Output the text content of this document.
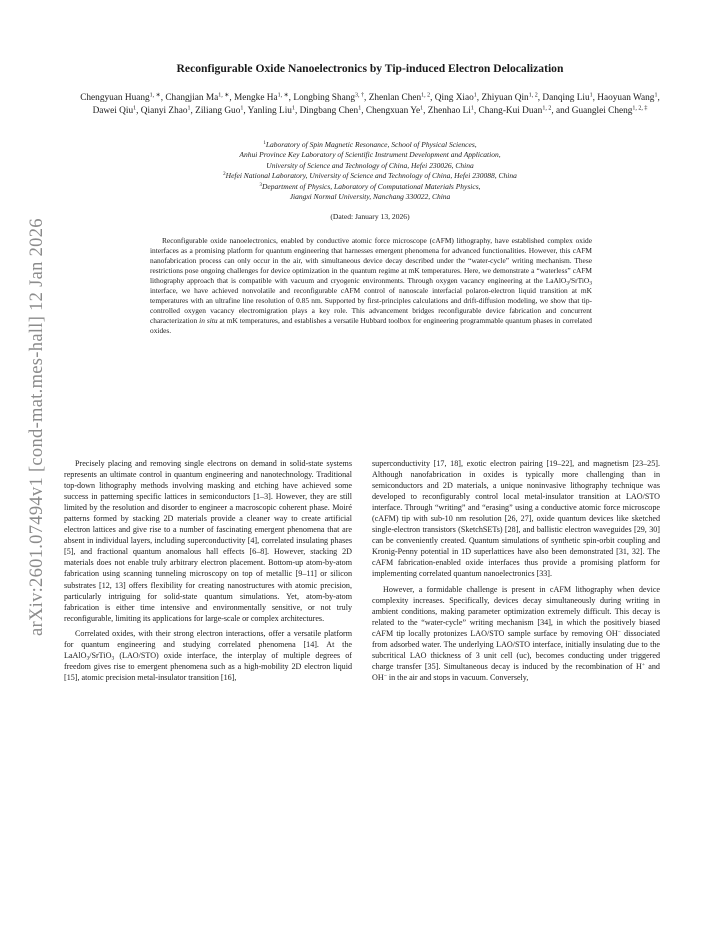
arXiv:2601.07494v1 [cond-mat.mes-hall] 12 Jan 2026
Reconfigurable Oxide Nanoelectronics by Tip-induced Electron Delocalization
Chengyuan Huang$^{1, ∗}$, Changjian $Ma^{1, ∗}$, Mengke $Ha^{1, ∗}$, Longbing Shang$^{3, \dagger}$, Zhenlan Chen$^{1, 2}$, Qing Xiao$^1$, Zhiyuan Qin$^{1, 2}$, Danqing Liu$^1$, Haoyuan Wang$^1$, Dawei Qiu$^1$, Qianyi Zhao$^1$, Ziliang Guo$^1$, Yanling Liu$^1$, Dingbang Chen$^1$, Chengxuan Ye$^1$, Zhenhao Li$^1$, Chang-Kui Duan$^{1, 2}$, and Guanglei Cheng$^{1, 2, \ddagger}$
$^1$Laboratory of Spin Magnetic Resonance, School of Physical Sciences,
Anhui Province Key Laboratory of Scientific Instrument Development and Application,
University of Science and Technology of China, Hefei 230026, China
$^2$Hefei National Laboratory, University of Science and Technology of China, Hefei 230088, China
$^3$Department of Physics, Laboratory of Computational Materials Physics,
Jiangxi Normal University, Nanchang 330022, China
(Dated: January 13, 2026)

Reconfigurable oxide nanoelectronics, enabled by conductive atomic force microscope (cAFM) lithography, have established complex oxide interfaces as a promising platform for quantum engineering that harnesses emergent phenomena for advanced functionalities. However, this cAFM nanofabrication process can only occur in the air, with simultaneous device decay described under the “water-cycle” writing mechanism. These restrictions pose ongoing challenges for device optimization in the quantum regime at mK temperatures. Here, we demonstrate a “waterless” cAFM lithography approach that is compatible with vacuum and cryogenic environments. Through oxygen vacancy engineering at the LaAlO$_3$/SrTiO$_3$ interface, we have achieved nonvolatile and reconfigurable cAFM control of nanoscale interfacial polaron-electron liquid transition at mK temperatures with an ultrafine line resolution of 0.85 nm. Supported by first-principles calculations and drift-diffusion modeling, we show that tip-controlled oxygen vacancy electromigration plays a key role. This advancement bridges reconfigurable device fabrication and concurrent characterization in situ at mK temperatures, and establishes a versatile Hubbard toolbox for engineering programmable quantum phases in correlated oxides.

Precisely placing and removing single electrons on demand in solid-state systems represents an ultimate control in quantum engineering and nanotechnology. Traditional top-down lithography methods involving masking and etching have achieved some success in patterning specific lattices in semiconductors [1–3]. However, they are still limited by the resolution and disorder to engineer a macroscopic coherent phase. Moiré patterns formed by stacking 2D materials provide a cleaner way to create artificial electron lattices and give rise to a number of fascinating emergent phenomena that are absent in individual layers, including superconductivity [4], correlated insulating phases [5], and fractional quantum anomalous hall effects [6–8]. However, stacking 2D materials does not enable truly arbitrary electron placement. Bottom-up atom-by-atom fabrication using scanning tunneling microscopy on top of metallic [9–11] or silicon substrates [12, 13] offers flexibility for creating nanostructures with atomic precision, particularly intriguing for solid-state quantum simulations. Yet, atom-by-atom fabrication is either time intensive and environmentally sensitive, or not truly reconfigurable, limiting its applications for large-scale or complex architectures.

Correlated oxides, with their strong electron interactions, offer a versatile platform for quantum engineering and studying correlated phenomena [14]. At the LaAlO$_3$/SrTiO$_3$ (LAO/STO) oxide interface, the interplay of multiple degrees of freedom gives rise to emergent phenomena such as a high-mobility 2D electron liquid [15], atomic precision metal-insulator transition [16],

superconductivity [17, 18], exotic electron pairing [19–22], and magnetism [23–25]. Although nanofabrication in oxides is typically more challenging than in semiconductors and 2D materials, a unique noninvasive lithography technique was developed to reconfigurably control local metal-insulator transition at LAO/STO interface. Through “writing” and “erasing” using a conductive atomic force microscope (cAFM) tip with sub-10 nm resolution [26, 27], oxide quantum devices like sketched single-electron transistors (SketchSETs) [28], and ballistic electron waveguides [29, 30] can be conveniently created. Quantum simulations of synthetic spin-orbit coupling and Kronig-Penny potential in 1D superlattices have also been demonstrated [31, 32]. The cAFM fabrication-enabled oxide interfaces thus provide a promising platform for implementing correlated quantum nanoelectronics [33].

However, a formidable challenge is present in cAFM lithography when device complexity increases. Specifically, devices decay simultaneously during writing in ambient conditions, making parameter optimization extremely difficult. This decay is related to the “water-cycle” writing mechanism [34], in which the positively biased cAFM tip locally protonizes LAO/STO sample surface by removing OH− dissociated from adsorbed water. The underlying LAO/STO interface, initially insulating due to the subcritical LAO thickness of 3 unit cell (uc), becomes conducting under triggered charge transfer [35]. Simultaneous decay is induced by the recombination of H+ and OH− in the air and stops in vacuum. Conversely,
